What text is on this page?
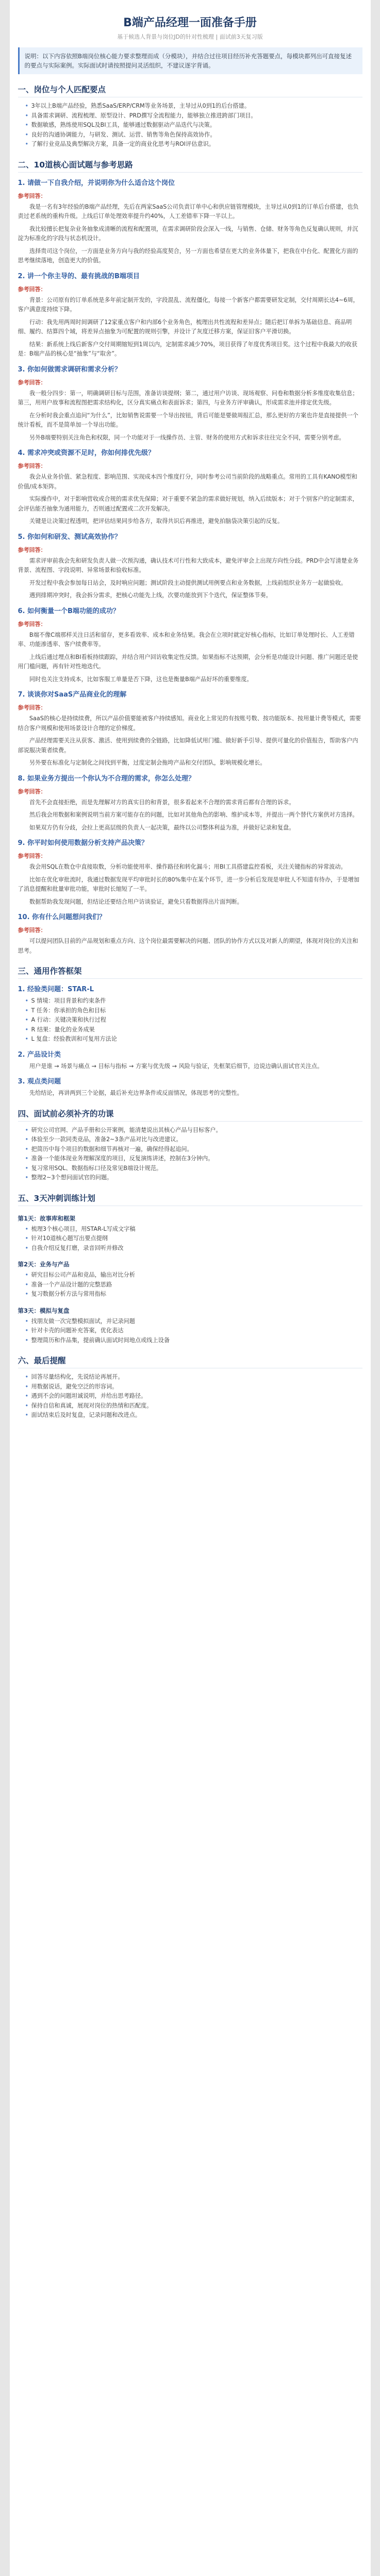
B端产品经理一面准备手册
基于候选人背景与岗位JD的针对性梳理 | 面试前3天复习版
说明：以下内容依照B端岗位核心能力要求整理而成（分模块），并结合过往项目经历补充答题要点，每模块都列出可直接复述的要点与实际案例。实际面试时请按照提问灵活组织，不建议逐字背诵。
一、岗位与个人匹配要点
• 3年以上B端产品经验，熟悉SaaS/ERP/CRM等业务场景，主导过从0到1的后台搭建。
• 具备需求调研、流程梳理、原型设计、PRD撰写全流程能力，能够独立推进跨部门项目。
• 数据敏感，熟练使用SQL及BI工具，能够通过数据驱动产品迭代与决策。
• 良好的沟通协调能力，与研发、测试、运营、销售等角色保持高效协作。
• 了解行业竞品及典型解决方案，具备一定的商业化思考与ROI评估意识。
二、10道核心面试题与参考思路
1. 请做一下自我介绍，并说明你为什么适合这个岗位
参考回答：
我是一名有3年经验的B端产品经理，先后在两家SaaS公司负责订单中心和供应链管理模块，主导过从0到1的订单后台搭建，也负责过老系统的重构升级。上线后订单处理效率提升约40%，人工差错率下降一半以上。
我比较擅长把复杂业务抽象成清晰的流程和配置项，在需求调研阶段会深入一线，与销售、仓储、财务等角色反复确认规则，并沉淀为标准化的字段与状态机设计。
选择贵司这个岗位，一方面是业务方向与我的经验高度契合，另一方面也希望在更大的业务体量下，把我在中台化、配置化方面的思考继续落地，创造更大的价值。
2. 讲一个你主导的、最有挑战的B端项目
参考回答：
背景：公司原有的订单系统是多年前定制开发的，字段混乱、流程僵化，每接一个新客户都需要研发定制，交付周期长达4~6周，客户满意度持续下降。
行动：我先用两周时间调研了12家重点客户和内部6个业务角色，梳理出共性流程和差异点；随后把订单拆为基础信息、商品明细、履约、结算四个域，将差异点抽象为可配置的规则引擎，并设计了灰度迁移方案，保证旧客户平滑切换。
结果：新系统上线后新客户交付周期缩短到1周以内，定制需求减少70%，项目获得了年度优秀项目奖。这个过程中我最大的收获是：B端产品的核心是“抽象”与“取舍”。
3. 你如何做需求调研和需求分析？
参考回答：
我一般分四步：第一，明确调研目标与范围，准备访谈提纲；第二，通过用户访谈、现场观察、问卷和数据分析多维度收集信息；第三，用用户故事和流程图把需求结构化，区分真实痛点和表面诉求；第四，与业务方评审确认，形成需求池并排定优先级。
在分析时我会重点追问“为什么”，比如销售说需要一个导出按钮，背后可能是要做周报汇总，那么更好的方案也许是直接提供一个统计看板，而不是简单加一个导出功能。
另外B端要特别关注角色和权限，同一个功能对于一线操作员、主管、财务的使用方式和诉求往往完全不同，需要分别考虑。
4. 需求冲突或资源不足时，你如何排优先级？
参考回答：
我会从业务价值、紧急程度、影响范围、实现成本四个维度打分，同时参考公司当前阶段的战略重点。常用的工具有KANO模型和价值/成本矩阵。
实际操作中，对于影响营收或合规的需求优先保障；对于重要不紧急的需求做好规划，纳入后续版本；对于个别客户的定制需求，会评估能否抽象为通用能力，否则通过配置或二次开发解决。
关键是让决策过程透明，把评估结果同步给各方，取得共识后再推进，避免拍脑袋决策引起的反复。
5. 你如何和研发、测试高效协作？
参考回答：
需求评审前我会先和研发负责人做一次预沟通，确认技术可行性和大致成本，避免评审会上出现方向性分歧。PRD中会写清楚业务背景、流程图、字段说明、异常场景和验收标准。
开发过程中我会参加每日站会，及时响应问题；测试阶段主动提供测试用例要点和业务数据，上线前组织业务方一起做验收。
遇到排期冲突时，我会拆分需求，把核心功能先上线，次要功能放到下个迭代，保证整体节奏。
6. 如何衡量一个B端功能的成功？
参考回答：
B端不像C端那样关注日活和留存，更多看效率、成本和业务结果。我会在立项时就定好核心指标，比如订单处理时长、人工差错率、功能渗透率、客户续费率等。
上线后通过埋点和BI看板持续跟踪，并结合用户回访收集定性反馈。如果指标不达预期，会分析是功能设计问题、推广问题还是使用门槛问题，再有针对性地迭代。
同时也关注支持成本，比如客服工单量是否下降，这也是衡量B端产品好坏的重要维度。
7. 谈谈你对SaaS产品商业化的理解
参考回答：
SaaS的核心是持续续费，所以产品价值要能被客户持续感知。商业化上常见的有按账号数、按功能版本、按用量计费等模式，需要结合客户规模和使用场景设计合理的定价梯度。
产品经理需要关注从获客、激活、使用到续费的全链路，比如降低试用门槛、做好新手引导、提供可量化的价值报告，帮助客户内部说服决策者续费。
另外要在标准化与定制化之间找到平衡，过度定制会拖垮产品和交付团队，影响规模化增长。
8. 如果业务方提出一个你认为不合理的需求，你怎么处理？
参考回答：
首先不会直接拒绝，而是先理解对方的真实目的和背景，很多看起来不合理的需求背后都有合理的诉求。
然后我会用数据和案例说明当前方案可能存在的问题，比如对其他角色的影响、维护成本等，并提出一两个替代方案供对方选择。
如果双方仍有分歧，会拉上更高层级的负责人一起决策，最终以公司整体利益为准，并做好记录和复盘。
9. 你平时如何使用数据分析支持产品决策？
参考回答：
我会用SQL在数仓中直接取数，分析功能使用率、操作路径和转化漏斗；用BI工具搭建监控看板，关注关键指标的异常波动。
比如在优化审批流时，我通过数据发现平均审批时长的80%集中在某个环节，进一步分析后发现是审批人不知道有待办，于是增加了消息提醒和批量审批功能，审批时长缩短了一半。
数据帮助我发现问题，但结论还要结合用户访谈验证，避免只看数据得出片面判断。
10. 你有什么问题想问我们？
参考回答：
可以提问团队目前的产品规划和重点方向、这个岗位最需要解决的问题、团队的协作方式以及对新人的期望，体现对岗位的关注和思考。
三、通用作答框架
1. 经验类问题：STAR-L
• S 情境：项目背景和约束条件
• T 任务：你承担的角色和目标
• A 行动：关键决策和执行过程
• R 结果：量化的业务成果
• L 复盘：经验教训和可复用方法论
2. 产品设计类
用户是谁 → 场景与痛点 → 目标与指标 → 方案与优先级 → 风险与验证，先框架后细节，边说边确认面试官关注点。
3. 观点类问题
先给结论，再讲两到三个论据，最后补充边界条件或反面情况，体现思考的完整性。
四、面试前必须补齐的功课
• 研究公司官网、产品手册和公开案例，能清楚说出其核心产品与目标客户。
• 体验至少一款同类竞品，准备2~3条产品对比与改进建议。
• 把简历中每个项目的数据和细节再核对一遍，确保经得起追问。
• 准备一个能体现业务理解深度的项目，反复演练讲述，控制在3分钟内。
• 复习常用SQL、数据指标口径及常见B端设计规范。
• 整理2~3个想问面试官的问题。
五、3天冲刺训练计划
第1天：故事库和框架
• 梳理3个核心项目，用STAR-L写成文字稿
• 针对10道核心题写出要点提纲
• 自我介绍反复打磨，录音回听并修改
第2天：业务与产品
• 研究目标公司产品和竞品，输出对比分析
• 准备一个产品设计题的完整思路
• 复习数据分析方法与常用指标
第3天：模拟与复盘
• 找朋友做一次完整模拟面试，并记录问题
• 针对卡壳的问题补充答案，优化表达
• 整理简历和作品集，提前确认面试时间地点或线上设备
六、最后提醒
• 回答尽量结构化，先说结论再展开。
• 用数据说话，避免空泛的形容词。
• 遇到不会的问题坦诚说明，并给出思考路径。
• 保持自信和真诚，展现对岗位的热情和匹配度。
• 面试结束后及时复盘，记录问题和改进点。
